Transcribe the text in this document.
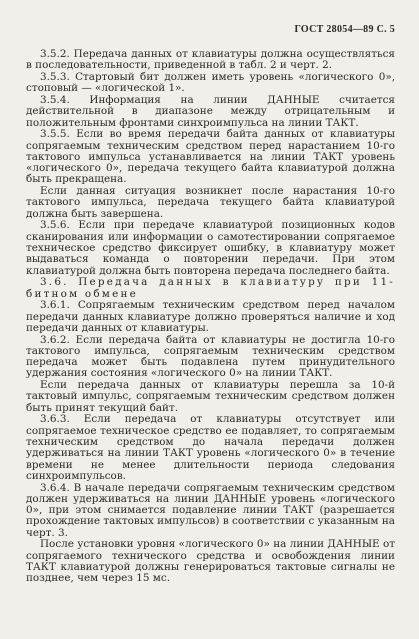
ГОСТ 28054—89 С. 5

3.5.2. Передача данных от клавиатуры должна осуществляться в последовательности, приведенной в табл. 2 и черт. 2.

3.5.3. Стартовый бит должен иметь уровень «логического 0», стоповый — «логической 1».

3.5.4. Информация на линии ДАННЫЕ считается действительной в диапазоне между отрицательным и положительным фронтами синхроимпульса на линии ТАКТ.

3.5.5. Если во время передачи байта данных от клавиатуры сопрягаемым техническим средством перед нарастанием 10-го тактового импульса устанавливается на линии ТАКТ уровень «логического 0», передача текущего байта клавиатурой должна быть прекращена.

Если данная ситуация возникнет после нарастания 10-го тактового импульса, передача текущего байта клавиатурой должна быть завершена.

3.5.6. Если при передаче клавиатурой позиционных кодов сканирования или информации о самотестировании сопрягаемое техническое средство фиксирует ошибку, в клавиатуру может выдаваться команда о повторении передачи. При этом клавиатурой должна быть повторена передача последнего байта.

3.6. Передача данных в клавиатуру при 11-битном обмене

3.6.1. Сопрягаемым техническим средством перед началом передачи данных клавиатуре должно проверяться наличие и ход передачи данных от клавиатуры.

3.6.2. Если передача байта от клавиатуры не достигла 10-го тактового импульса, сопрягаемым техническим средством передача может быть подавлена путем принудительного удержания состояния «логического 0» на линии ТАКТ.

Если передача данных от клавиатуры перешла за 10-й тактовый импульс, сопрягаемым техническим средством должен быть принят текущий байт.

3.6.3. Если передача от клавиатуры отсутствует или сопрягаемое техническое средство ее подавляет, то сопрягаемым техническим средством до начала передачи должен удерживаться на линии ТАКТ уровень «логического 0» в течение времени не менее длительности периода следования синхроимпульсов.

3.6.4. В начале передачи сопрягаемым техническим средством должен удерживаться на линии ДАННЫЕ уровень «логического 0», при этом снимается подавление линии ТАКТ (разрешается прохождение тактовых импульсов) в соответствии с указанным на черт. 3.

После установки уровня «логического 0» на линии ДАННЫЕ от сопрягаемого технического средства и освобождения линии ТАКТ клавиатурой должны генерироваться тактовые сигналы не позднее, чем через 15 мс.
